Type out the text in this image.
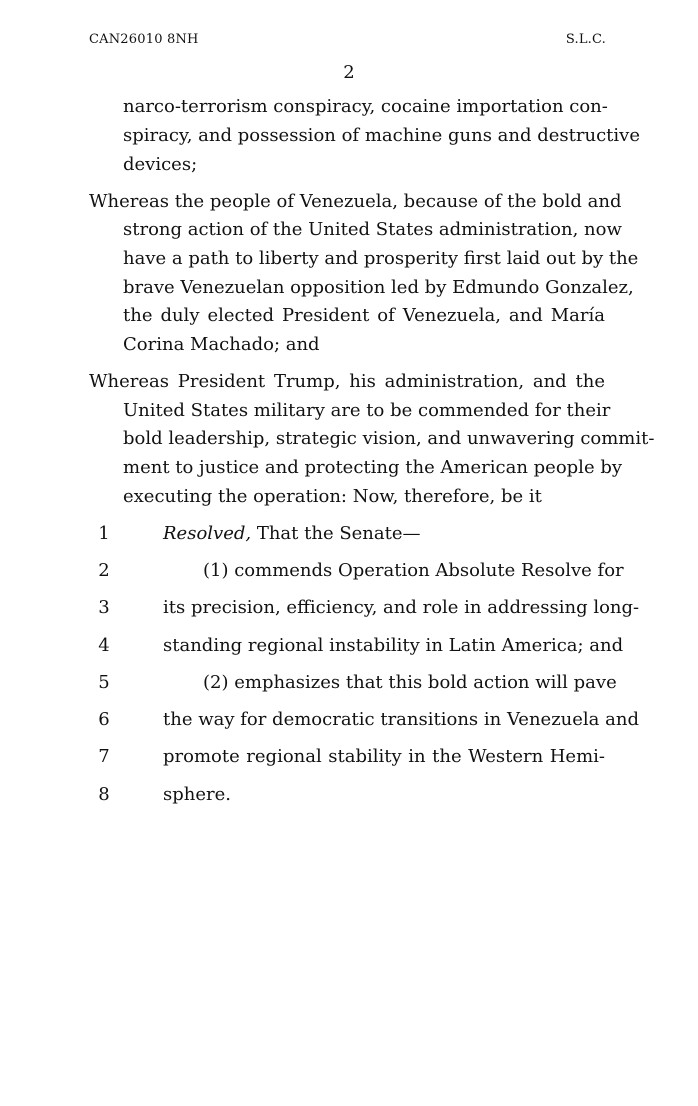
CAN26010 8NH	S.L.C.
2
narco-terrorism conspiracy, cocaine importation con-
spiracy, and possession of machine guns and destructive
devices;
Whereas the people of Venezuela, because of the bold and
strong action of the United States administration, now
have a path to liberty and prosperity first laid out by the
brave Venezuelan opposition led by Edmundo Gonzalez,
the duly elected President of Venezuela, and María
Corina Machado; and
Whereas President Trump, his administration, and the
United States military are to be commended for their
bold leadership, strategic vision, and unwavering commit-
ment to justice and protecting the American people by
executing the operation: Now, therefore, be it
1
2
3
4
5
6
7
8
Resolved, That the Senate—
(1) commends Operation Absolute Resolve for
its precision, efficiency, and role in addressing long-
standing regional instability in Latin America; and
(2) emphasizes that this bold action will pave
the way for democratic transitions in Venezuela and
promote regional stability in the Western Hemi-
sphere.
